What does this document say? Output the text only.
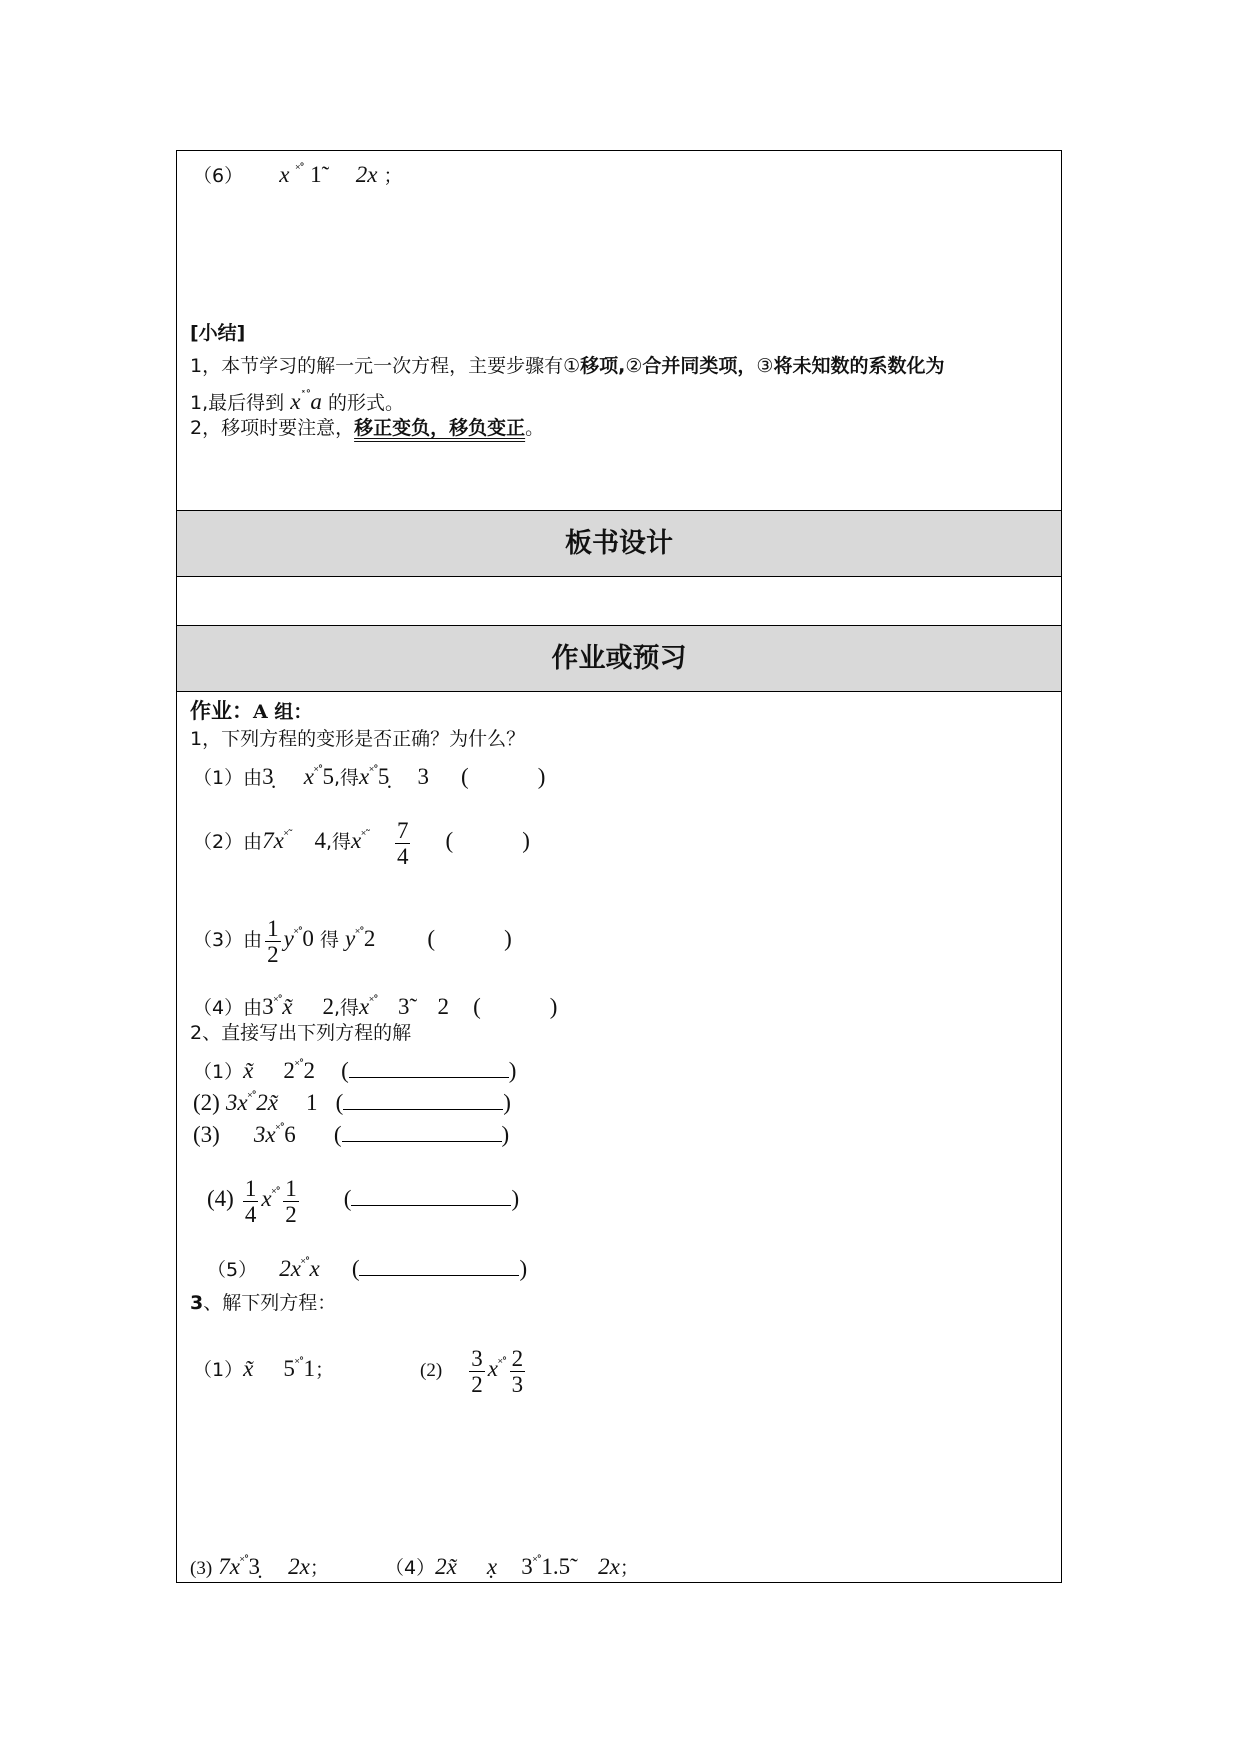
（6） x ˟˚ 1̃ 2x ；
[小结]
1，本节学习的解一元一次方程，主要步骤有①移项,②合并同类项，③将未知数的系数化为
1,最后得到 x˟˚a 的形式。
2，移项时要注意，移正变负，移负变正。
板书设计
作业或预习
作业：A 组：
1，下列方程的变形是否正确？为什么？
（1）由3̣ x˟˚5,得x˟˚5̣ 3 (　　　)
（2）由7x˟˜ 4,得$x^{˟˜} \frac{7}{4}$ (　　　)
（3）由 $\frac{1}{2} y^{˟˚}0$ 得 y˟˚2 (　　　)
（4）由3˟˚x̃ 2,得x˟˚ 3̃ 2 (　　　)
2、直接写出下列方程的解
（1）x̃ 2˟˚2 (	)
(2) 3x˟˚2x̃ 1 (	)
(3) 3x˟˚6 (	)
$(4) \frac{1}{4} x^{˟˚} \frac{1}{2}$ (	)
（5） 2x˟˚x (	)
3、解下列方程：
（1）x̃ 5˟˚1；	$(2) \frac{3}{2} x^{˟˚} \frac{2}{3}$
(3) 7x˟˚3̣ 2x；	（4）2x̃ x̣ 3˟˚1.5̃ 2x；
